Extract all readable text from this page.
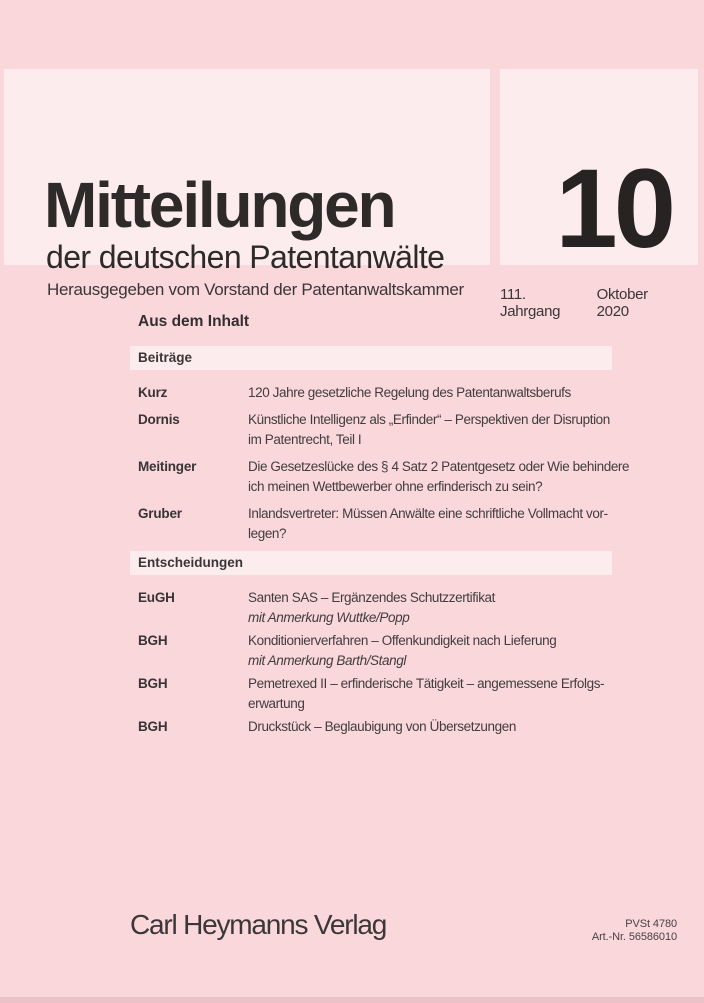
Mitteilungen
der deutschen Patentanwälte
Herausgegeben vom Vorstand der Patentanwaltskammer
10
111. Jahrgang
Oktober 2020
Aus dem Inhalt
Beiträge
Kurz	120 Jahre gesetzliche Regelung des Patentanwaltsberufs
Dornis	Künstliche Intelligenz als „Erfinder“ – Perspektiven der Disruption
im Patentrecht, Teil I
Meitinger	Die Gesetzeslücke des § 4 Satz 2 Patentgesetz oder Wie behindere
ich meinen Wettbewerber ohne erfinderisch zu sein?
Gruber	Inlandsvertreter: Müssen Anwälte eine schriftliche Vollmacht vor-
legen?
Entscheidungen
EuGH	Santen SAS – Ergänzendes Schutzzertifikat
mit Anmerkung Wuttke/Popp
BGH	Konditionierverfahren – Offenkundigkeit nach Lieferung
mit Anmerkung Barth/Stangl
BGH	Pemetrexed II – erfinderische Tätigkeit – angemessene Erfolgs-
erwartung
BGH	Druckstück – Beglaubigung von Übersetzungen
Carl Heymanns Verlag	PVSt 4780
Art.-Nr. 56586010
